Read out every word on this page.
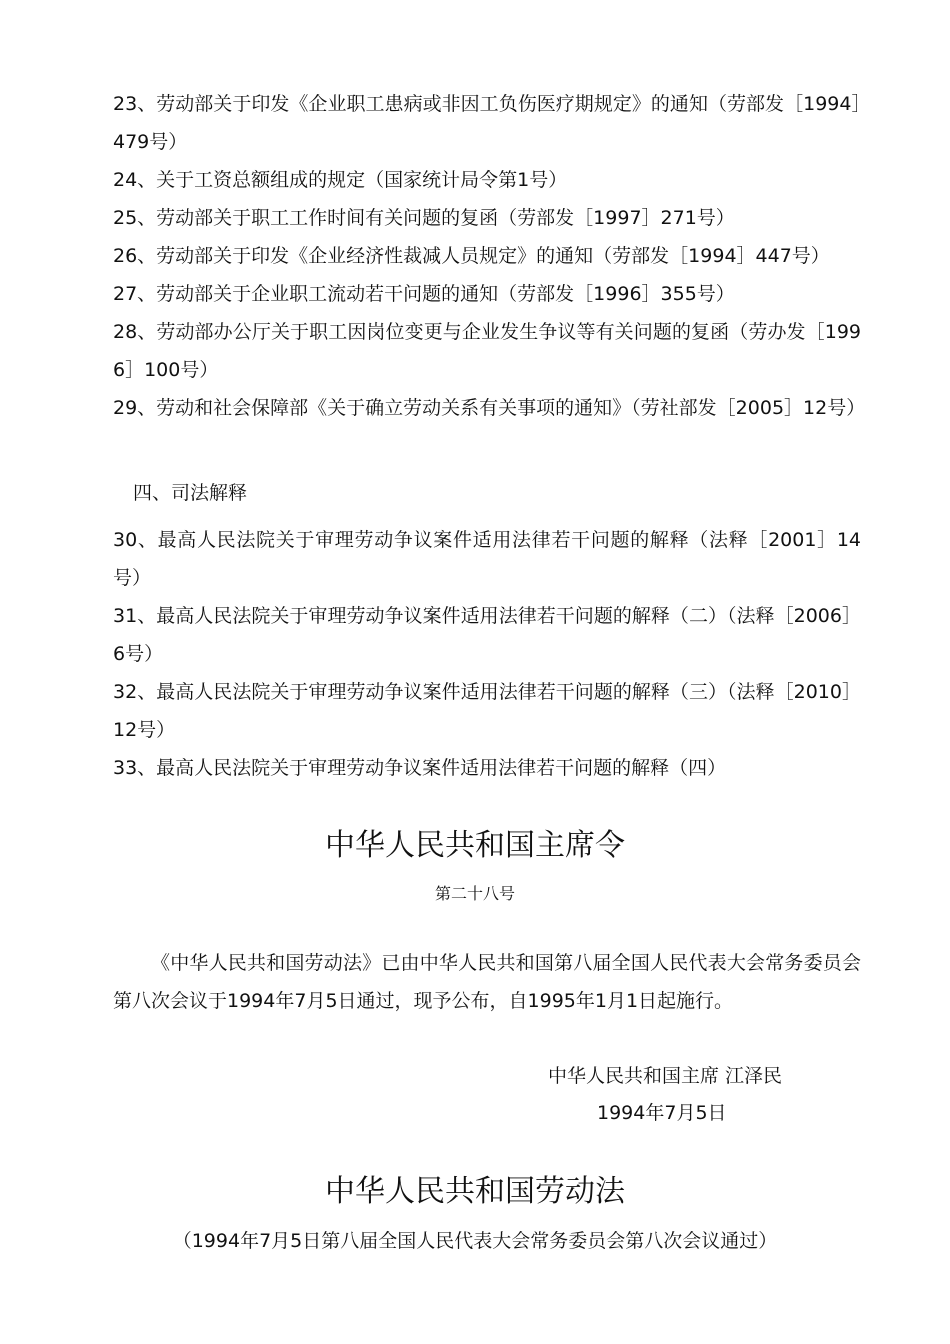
23、劳动部关于印发《企业职工患病或非因工负伤医疗期规定》的通知（劳部发［1994］479号）

24、关于工资总额组成的规定（国家统计局令第1号）

25、劳动部关于职工工作时间有关问题的复函（劳部发［1997］271号）

26、劳动部关于印发《企业经济性裁减人员规定》的通知（劳部发［1994］447号）

27、劳动部关于企业职工流动若干问题的通知（劳部发［1996］355号）

28、劳动部办公厅关于职工因岗位变更与企业发生争议等有关问题的复函（劳办发［1996］100号）

29、劳动和社会保障部《关于确立劳动关系有关事项的通知》（劳社部发［2005］12号）

四、司法解释

30、最高人民法院关于审理劳动争议案件适用法律若干问题的解释（法释［2001］14号）

31、最高人民法院关于审理劳动争议案件适用法律若干问题的解释（二）（法释［2006］6号）

32、最高人民法院关于审理劳动争议案件适用法律若干问题的解释（三）（法释［2010］12号）

33、最高人民法院关于审理劳动争议案件适用法律若干问题的解释（四）

中华人民共和国主席令

第二十八号

《中华人民共和国劳动法》已由中华人民共和国第八届全国人民代表大会常务委员会第八次会议于1994年7月5日通过，现予公布，自1995年1月1日起施行。

中华人民共和国主席 江泽民

1994年7月5日

中华人民共和国劳动法

（1994年7月5日第八届全国人民代表大会常务委员会第八次会议通过）
